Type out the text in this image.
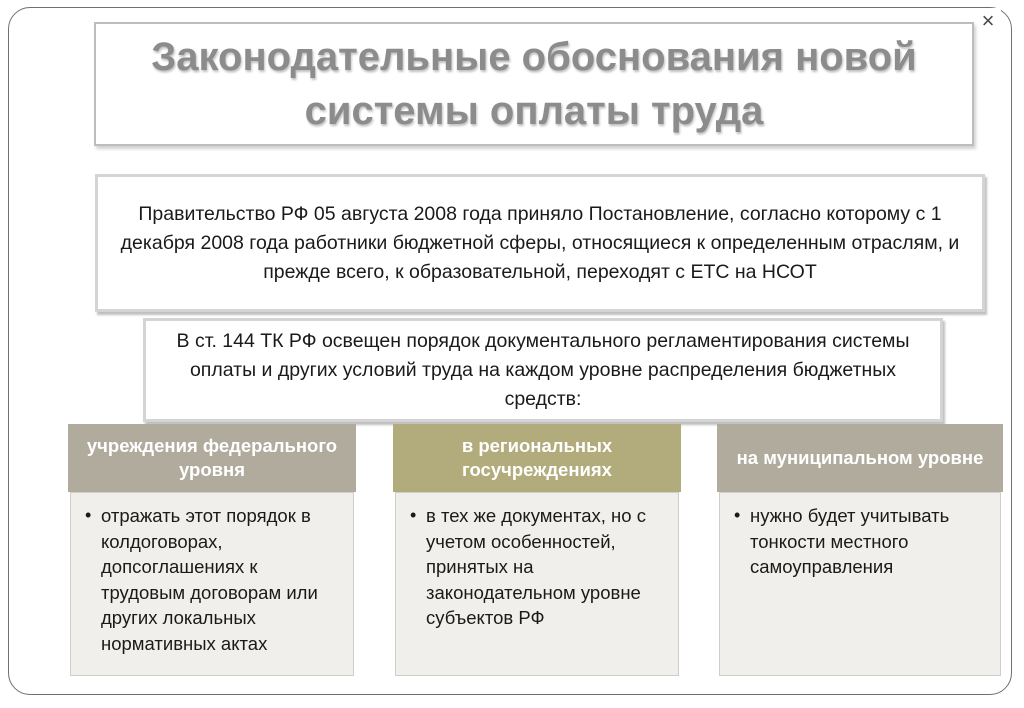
×
Законодательные обоснования новой системы оплаты труда
Правительство РФ 05 августа 2008 года приняло Постановление, согласно которому с 1 декабря 2008 года работники бюджетной сферы, относящиеся к определенным отраслям, и прежде всего, к образовательной, переходят с ЕТС на НСОТ
В ст. 144 ТК РФ освещен порядок документального регламентирования системы оплаты и других условий труда на каждом уровне распределения бюджетных средств:
учреждения федерального уровня
• отражать этот порядок в колдоговорах, допсоглашениях к трудовым договорам или других локальных нормативных актах
в региональных госучреждениях
• в тех же документах, но с учетом особенностей, принятых на законодательном уровне субъектов РФ
на муниципальном уровне
• нужно будет учитывать тонкости местного самоуправления
